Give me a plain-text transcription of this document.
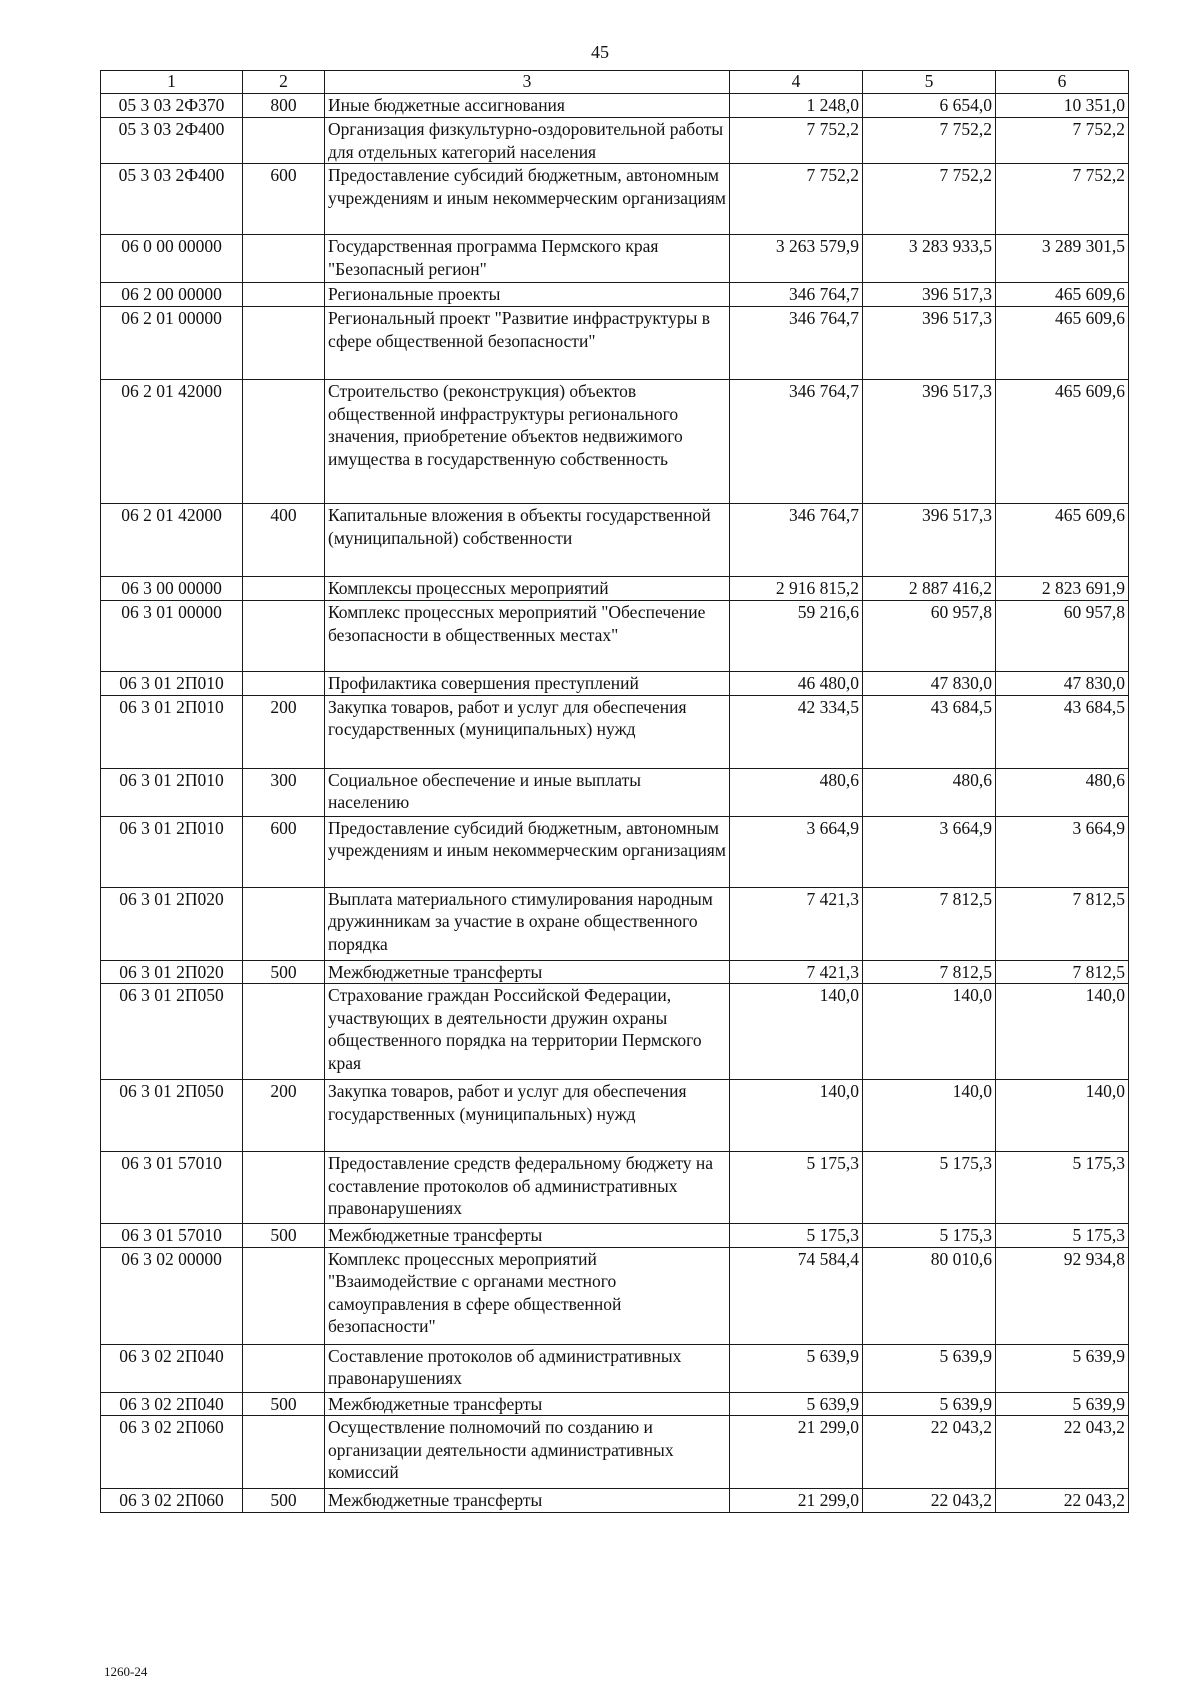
45
1	2	3	4	5	6
05 3 03 2Ф370	800	Иные бюджетные ассигнования	1 248,0	6 654,0	10 351,0
05 3 03 2Ф400		Организация физкультурно-оздоровительной работы для отдельных категорий населения	7 752,2	7 752,2	7 752,2
05 3 03 2Ф400	600	Предоставление субсидий бюджетным, автономным учреждениям и иным некоммерческим организациям	7 752,2	7 752,2	7 752,2
06 0 00 00000		Государственная программа Пермского края "Безопасный регион"	3 263 579,9	3 283 933,5	3 289 301,5
06 2 00 00000		Региональные проекты	346 764,7	396 517,3	465 609,6
06 2 01 00000		Региональный проект "Развитие инфраструктуры в сфере общественной безопасности"	346 764,7	396 517,3	465 609,6
06 2 01 42000		Строительство (реконструкция) объектов общественной инфраструктуры регионального значения, приобретение объектов недвижимого имущества в государственную собственность	346 764,7	396 517,3	465 609,6
06 2 01 42000	400	Капитальные вложения в объекты государственной (муниципальной) собственности	346 764,7	396 517,3	465 609,6
06 3 00 00000		Комплексы процессных мероприятий	2 916 815,2	2 887 416,2	2 823 691,9
06 3 01 00000		Комплекс процессных мероприятий "Обеспечение безопасности в общественных местах"	59 216,6	60 957,8	60 957,8
06 3 01 2П010		Профилактика совершения преступлений	46 480,0	47 830,0	47 830,0
06 3 01 2П010	200	Закупка товаров, работ и услуг для обеспечения государственных (муниципальных) нужд	42 334,5	43 684,5	43 684,5
06 3 01 2П010	300	Социальное обеспечение и иные выплаты населению	480,6	480,6	480,6
06 3 01 2П010	600	Предоставление субсидий бюджетным, автономным учреждениям и иным некоммерческим организациям	3 664,9	3 664,9	3 664,9
06 3 01 2П020		Выплата материального стимулирования народным дружинникам за участие в охране общественного порядка	7 421,3	7 812,5	7 812,5
06 3 01 2П020	500	Межбюджетные трансферты	7 421,3	7 812,5	7 812,5
06 3 01 2П050		Страхование граждан Российской Федерации, участвующих в деятельности дружин охраны общественного порядка на территории Пермского края	140,0	140,0	140,0
06 3 01 2П050	200	Закупка товаров, работ и услуг для обеспечения государственных (муниципальных) нужд	140,0	140,0	140,0
06 3 01 57010		Предоставление средств федеральному бюджету на составление протоколов об административных правонарушениях	5 175,3	5 175,3	5 175,3
06 3 01 57010	500	Межбюджетные трансферты	5 175,3	5 175,3	5 175,3
06 3 02 00000		Комплекс процессных мероприятий "Взаимодействие с органами местного самоуправления в сфере общественной безопасности"	74 584,4	80 010,6	92 934,8
06 3 02 2П040		Составление протоколов об административных правонарушениях	5 639,9	5 639,9	5 639,9
06 3 02 2П040	500	Межбюджетные трансферты	5 639,9	5 639,9	5 639,9
06 3 02 2П060		Осуществление полномочий по созданию и организации деятельности административных комиссий	21 299,0	22 043,2	22 043,2
06 3 02 2П060	500	Межбюджетные трансферты	21 299,0	22 043,2	22 043,2
1260-24
